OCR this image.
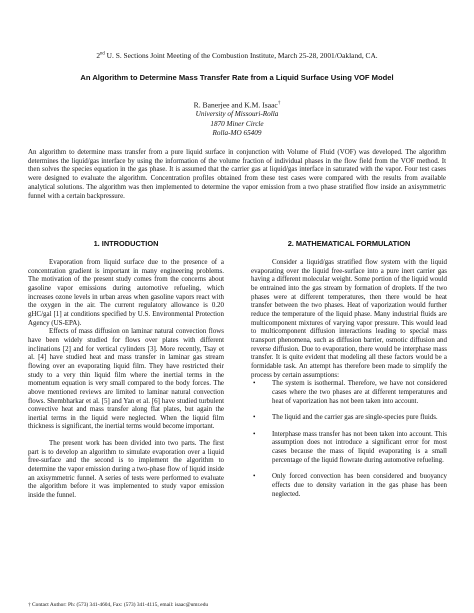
2nd U. S. Sections Joint Meeting of the Combustion Institute, March 25-28, 2001/Oakland, CA.
An Algorithm to Determine Mass Transfer Rate from a Liquid Surface Using VOF Model
R. Banerjee and K.M. Isaac†
University of Missouri-Rolla
1870 Miner Circle
Rolla-MO 65409
An algorithm to determine mass transfer from a pure liquid surface in conjunction with Volume of Fluid (VOF) was developed. The algorithm determines the liquid/gas interface by using the information of the volume fraction of individual phases in the flow field from the VOF method. It then solves the species equation in the gas phase. It is assumed that the carrier gas at liquid/gas interface in saturated with the vapor. Four test cases were designed to evaluate the algorithm. Concentration profiles obtained from these test cases were compared with the results from available analytical solutions. The algorithm was then implemented to determine the vapor emission from a two phase stratified flow inside an axisymmetric funnel with a certain backpressure.
1. INTRODUCTION

Evaporation from liquid surface due to the presence of a concentration gradient is important in many engineering problems. The motivation of the present study comes from the concerns about gasoline vapor emissions during automotive refueling, which increases ozone levels in urban areas when gasoline vapors react with the oxygen in the air. The current regulatory allowance is 0.20 gHC/gal [1] at conditions specified by U.S. Environmental Protection Agency (US-EPA).

Effects of mass diffusion on laminar natural convection flows have been widely studied for flows over plates with different inclinations [2] and for vertical cylinders [3]. More recently, Tsay et al. [4] have studied heat and mass transfer in laminar gas stream flowing over an evaporating liquid film. They have restricted their study to a very thin liquid film where the inertial terms in the momentum equation is very small compared to the body forces. The above mentioned reviews are limited to laminar natural convection flows. Shembharkar et al. [5] and Yan et al. [6] have studied turbulent convective heat and mass transfer along flat plates, but again the inertial terms in the liquid were neglected. When the liquid film thickness is significant, the inertial terms would become important.

The present work has been divided into two parts. The first part is to develop an algorithm to simulate evaporation over a liquid free-surface and the second is to implement the algorithm to determine the vapor emission during a two-phase flow of liquid inside an axisymmetric funnel. A series of tests were performed to evaluate the algorithm before it was implemented to study vapor emission inside the funnel.

2. MATHEMATICAL FORMULATION

Consider a liquid/gas stratified flow system with the liquid evaporating over the liquid free-surface into a pure inert carrier gas having a different molecular weight. Some portion of the liquid would be entrained into the gas stream by formation of droplets. If the two phases were at different temperatures, then there would be heat transfer between the two phases. Heat of vaporization would further reduce the temperature of the liquid phase. Many industrial fluids are multicomponent mixtures of varying vapor pressure. This would lead to multicomponent diffusion interactions leading to special mass transport phenomena, such as diffusion barrier, osmotic diffusion and reverse diffusion. Due to evaporation, there would be interphase mass transfer. It is quite evident that modeling all these factors would be a formidable task. An attempt has therefore been made to simplify the process by certain assumptions:

• The system is isothermal. Therefore, we have not considered cases where the two phases are at different temperatures and heat of vaporization has not been taken into account.
• The liquid and the carrier gas are single-species pure fluids.
• Interphase mass transfer has not been taken into account. This assumption does not introduce a significant error for most cases because the mass of liquid evaporating is a small percentage of the liquid flowrate during automotive refueling.
• Only forced convection has been considered and buoyancy effects due to density variation in the gas phase has been neglected.
† Contact Author: Ph: (573) 341-4604, Fax: (573) 341-4115, email: isaac@umr.edu
